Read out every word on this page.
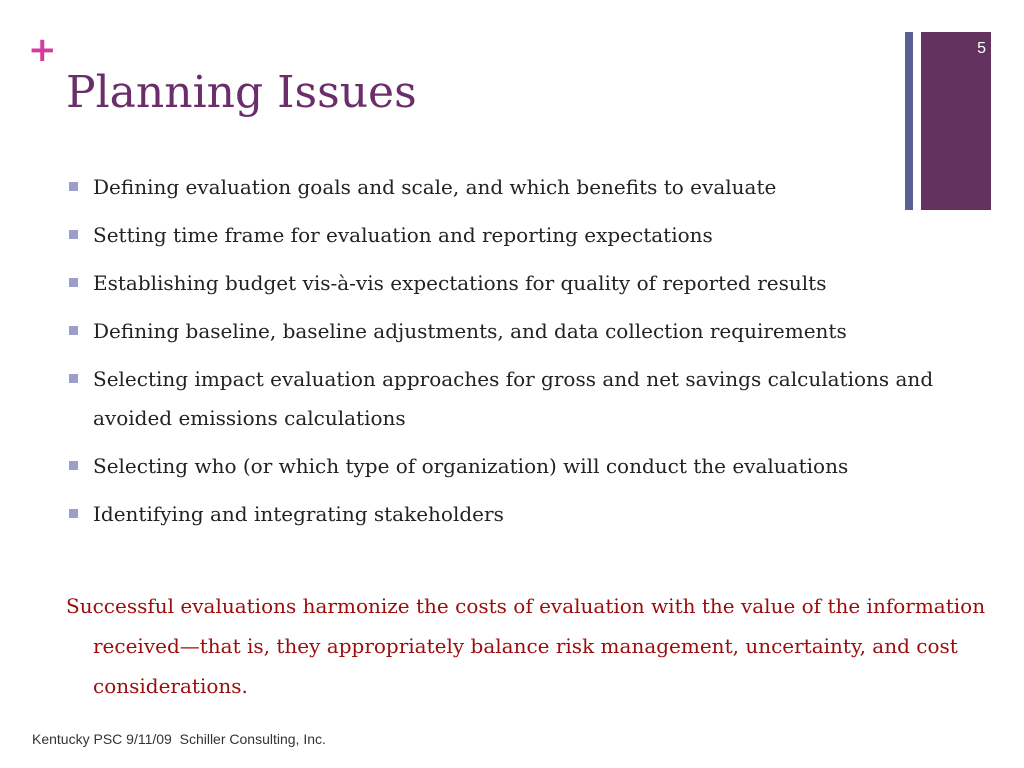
+
Planning Issues
5
Defining evaluation goals and scale, and which benefits to evaluate
Setting time frame for evaluation and reporting expectations
Establishing budget vis-à-vis expectations for quality of reported results
Defining baseline, baseline adjustments, and data collection requirements
Selecting impact evaluation approaches for gross and net savings calculations and avoided emissions calculations
Selecting who (or which type of organization) will conduct the evaluations
Identifying and integrating stakeholders

Successful evaluations harmonize the costs of evaluation with the value of the information received—that is, they appropriately balance risk management, uncertainty, and cost considerations.

Kentucky PSC 9/11/09  Schiller Consulting, Inc.
